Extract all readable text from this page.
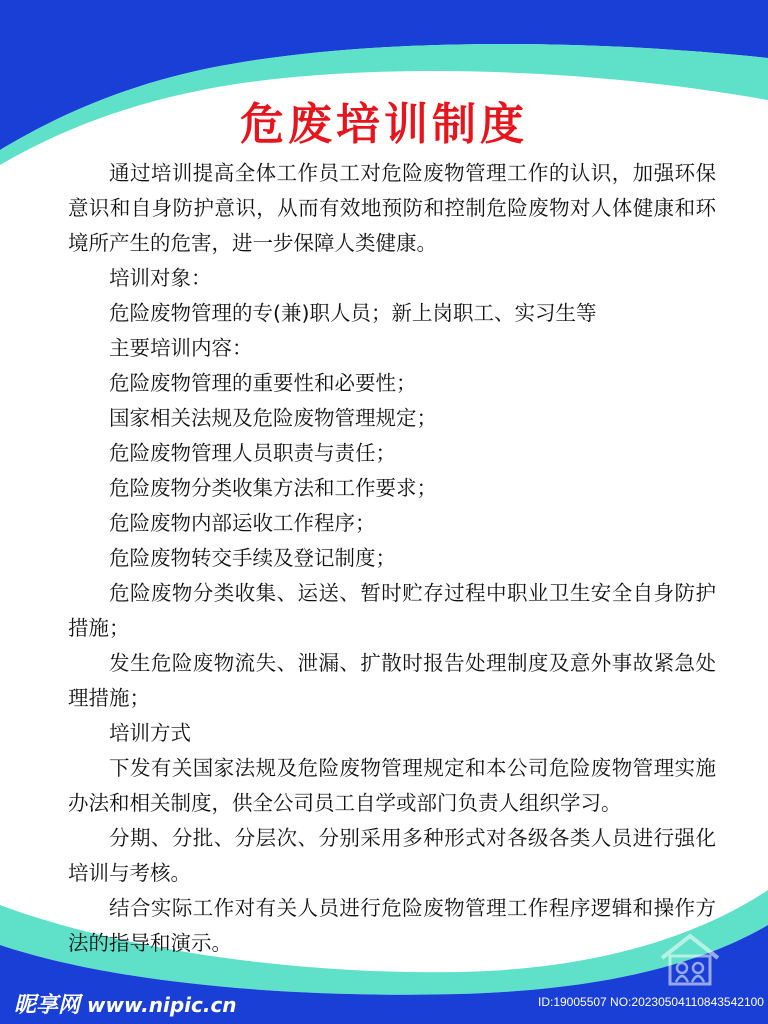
危废培训制度

通过培训提高全体工作员工对危险废物管理工作的认识，加强环保意识和自身防护意识，从而有效地预防和控制危险废物对人体健康和环境所产生的危害，进一步保障人类健康。

培训对象：

危险废物管理的专(兼)职人员；新上岗职工、实习生等

主要培训内容：

危险废物管理的重要性和必要性；

国家相关法规及危险废物管理规定；

危险废物管理人员职责与责任；

危险废物分类收集方法和工作要求；

危险废物内部运收工作程序；

危险废物转交手续及登记制度；

危险废物分类收集、运送、暂时贮存过程中职业卫生安全自身防护措施；

发生危险废物流失、泄漏、扩散时报告处理制度及意外事故紧急处理措施；

培训方式

下发有关国家法规及危险废物管理规定和本公司危险废物管理实施办法和相关制度，供全公司员工自学或部门负责人组织学习。

分期、分批、分层次、分别采用多种形式对各级各类人员进行强化培训与考核。

结合实际工作对有关人员进行危险废物管理工作程序逻辑和操作方法的指导和演示。

昵享网 www.nipic.cn	ID:19005507 NO:20230504110843542100
